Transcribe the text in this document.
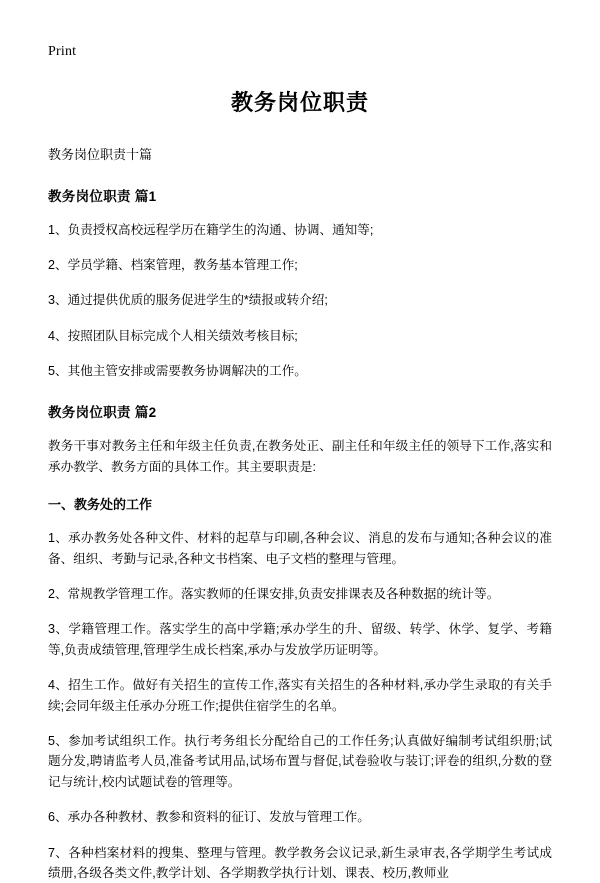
Print
教务岗位职责
教务岗位职责十篇
教务岗位职责 篇1
1、负责授权高校远程学历在籍学生的沟通、协调、通知等;
2、学员学籍、档案管理，教务基本管理工作;
3、通过提供优质的服务促进学生的*绩报或转介绍;
4、按照团队目标完成个人相关绩效考核目标;
5、其他主管安排或需要教务协调解决的工作。
教务岗位职责 篇2
教务干事对教务主任和年级主任负责,在教务处正、副主任和年级主任的领导下工作,落实和承办教学、教务方面的具体工作。其主要职责是:
一、教务处的工作
1、承办教务处各种文件、材料的起草与印刷,各种会议、消息的发布与通知;各种会议的准备、组织、考勤与记录,各种文书档案、电子文档的整理与管理。
2、常规教学管理工作。落实教师的任课安排,负责安排课表及各种数据的统计等。
3、学籍管理工作。落实学生的高中学籍;承办学生的升、留级、转学、休学、复学、考籍等,负责成绩管理,管理学生成长档案,承办与发放学历证明等。
4、招生工作。做好有关招生的宣传工作,落实有关招生的各种材料,承办学生录取的有关手续;会同年级主任承办分班工作;提供住宿学生的名单。
5、参加考试组织工作。执行考务组长分配给自己的工作任务;认真做好编制考试组织册;试题分发,聘请监考人员,准备考试用品,试场布置与督促,试卷验收与装订;评卷的组织,分数的登记与统计,校内试题试卷的管理等。
6、承办各种教材、教参和资料的征订、发放与管理工作。
7、各种档案材料的搜集、整理与管理。教学教务会议记录,新生录审表,各学期学生考试成绩册,各级各类文件,教学计划、各学期教学执行计划、课表、校历,教师业
